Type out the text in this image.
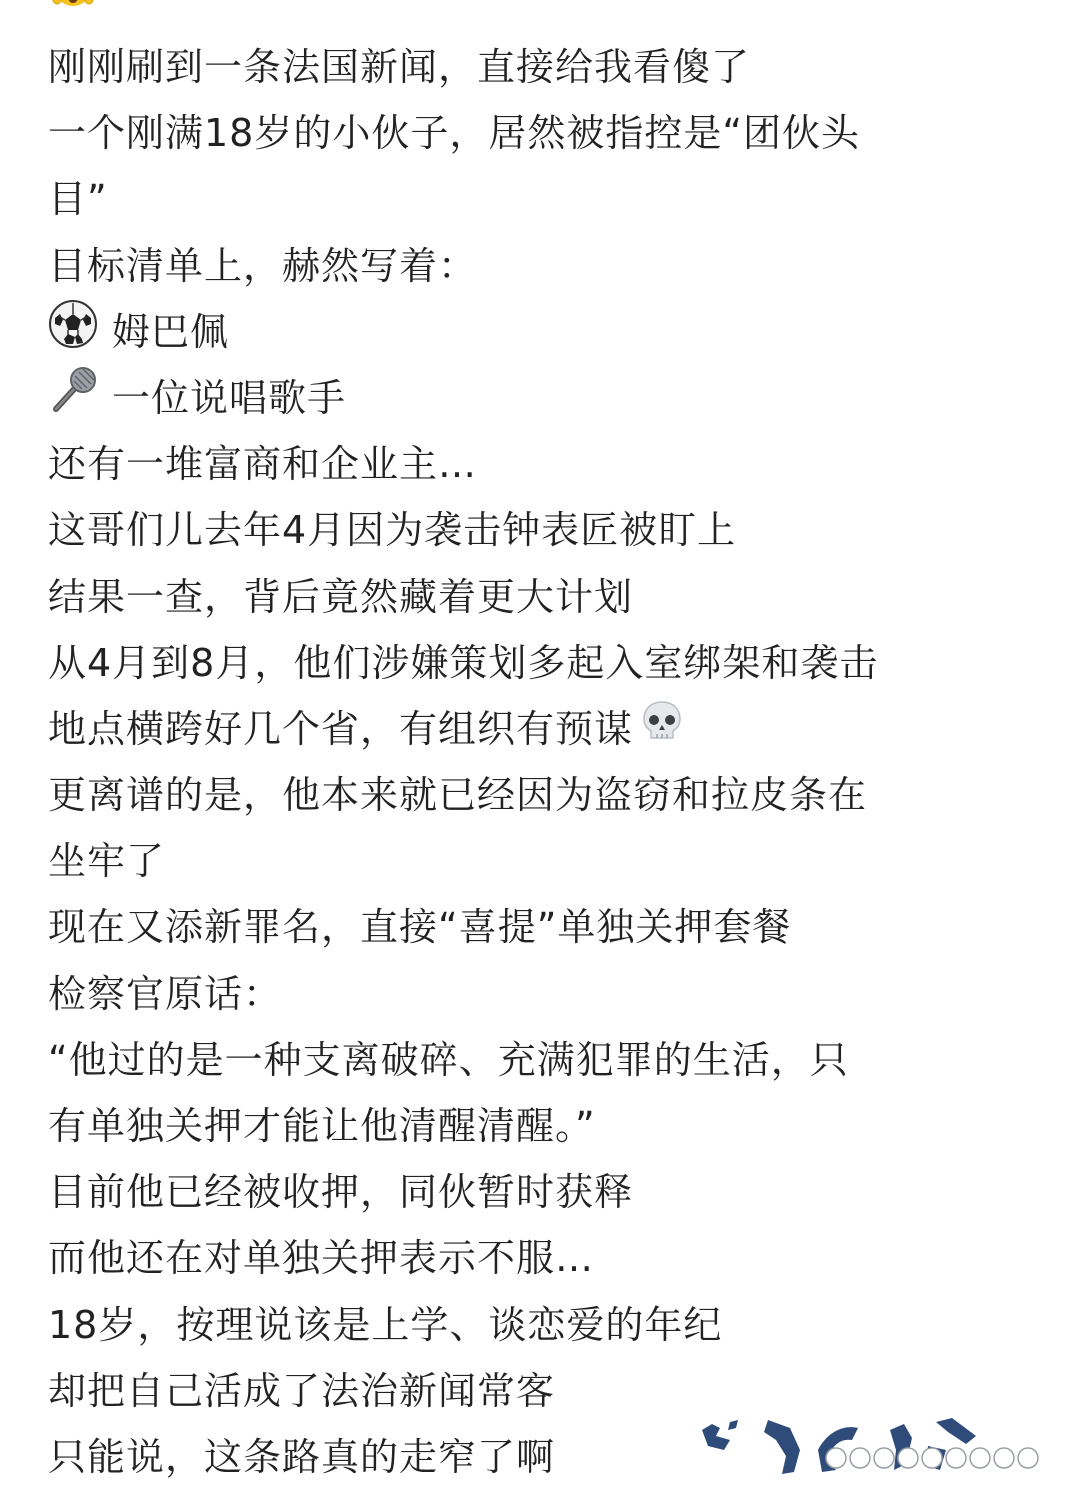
刚刚刷到一条法国新闻，直接给我看傻了
一个刚满18岁的小伙子，居然被指控是“团伙头
目”
目标清单上，赫然写着：
姆巴佩
一位说唱歌手
还有一堆富商和企业主…
这哥们儿去年4月因为袭击钟表匠被盯上
结果一查，背后竟然藏着更大计划
从4月到8月，他们涉嫌策划多起入室绑架和袭击
地点横跨好几个省，有组织有预谋
更离谱的是，他本来就已经因为盗窃和拉皮条在
坐牢了
现在又添新罪名，直接“喜提”单独关押套餐
检察官原话：
“他过的是一种支离破碎、充满犯罪的生活，只
有单独关押才能让他清醒清醒。”
目前他已经被收押，同伙暂时获释
而他还在对单独关押表示不服…
18岁，按理说该是上学、谈恋爱的年纪
却把自己活成了法治新闻常客
只能说，这条路真的走窄了啊
